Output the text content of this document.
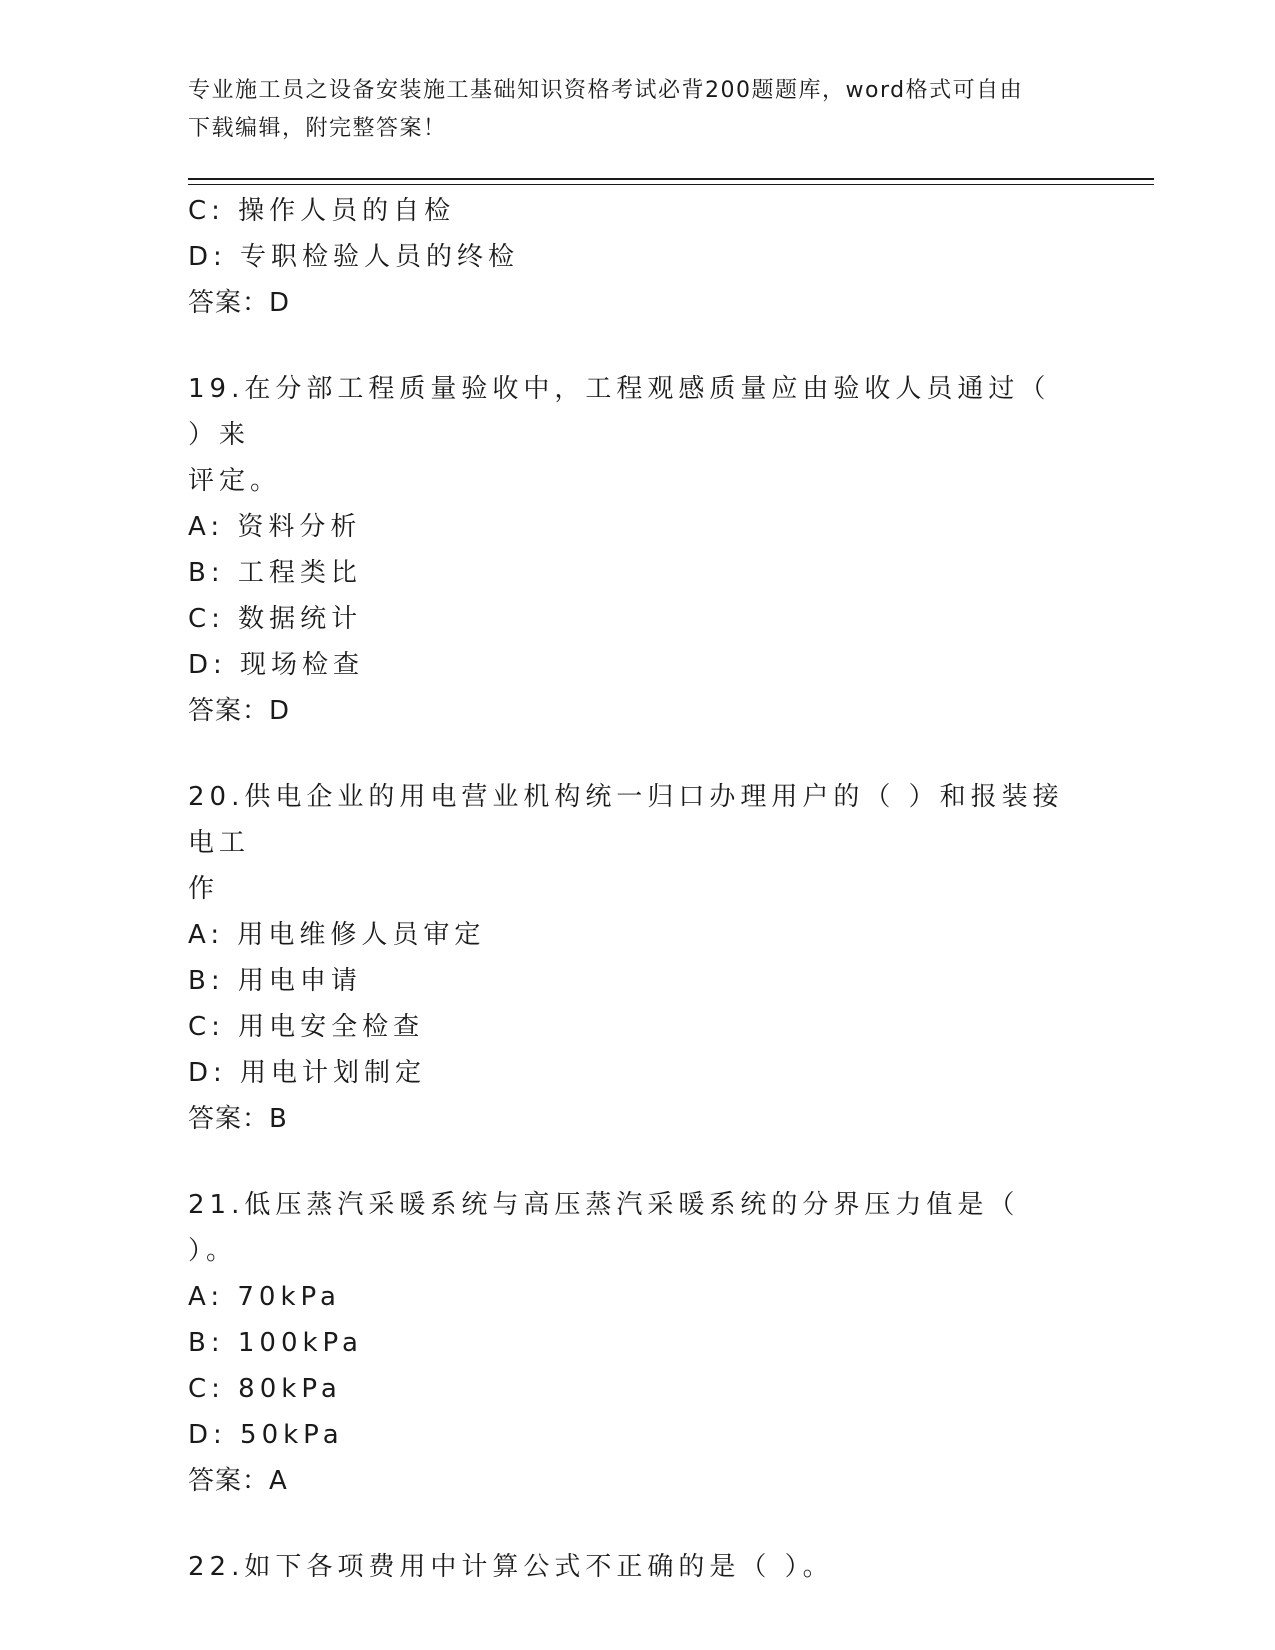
专业施工员之设备安装施工基础知识资格考试必背200题题库，word格式可自由
下载编辑，附完整答案！
C: 操作人员的自检
D: 专职检验人员的终检
答案：D
19.在分部工程质量验收中，工程观感质量应由验收人员通过（ ）来
评定。
A: 资料分析
B: 工程类比
C: 数据统计
D: 现场检查
答案：D
20.供电企业的用电营业机构统一归口办理用户的（ ）和报装接电工
作
A: 用电维修人员审定
B: 用电申请
C: 用电安全检查
D: 用电计划制定
答案：B
21.低压蒸汽采暖系统与高压蒸汽采暖系统的分界压力值是（ ）。
A: 70kPa
B: 100kPa
C: 80kPa
D: 50kPa
答案：A
22.如下各项费用中计算公式不正确的是（ ）。
